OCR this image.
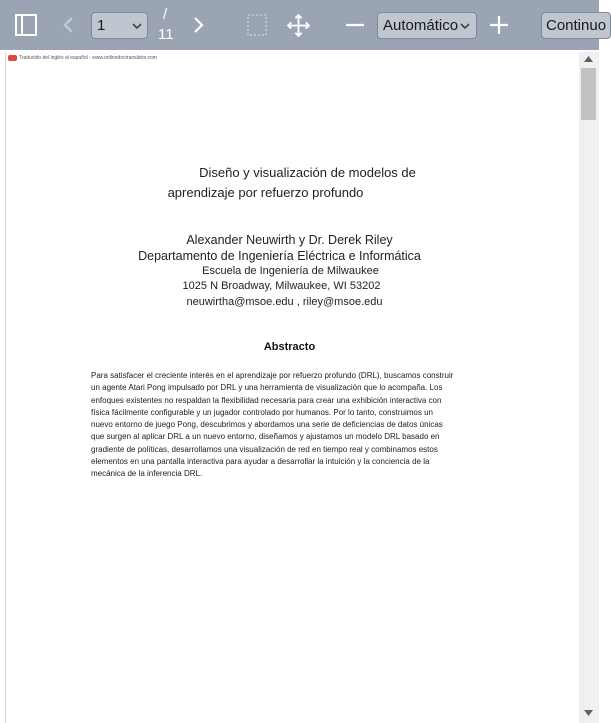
1
/
11
Automático	Continuo
Traducido del inglés al español - www.onlinedoctranslator.com
Diseño y visualización de modelos de
aprendizaje por refuerzo profundo
Alexander Neuwirth y Dr. Derek Riley
Departamento de Ingeniería Eléctrica e Informática
Escuela de Ingeniería de Milwaukee
1025 N Broadway, Milwaukee, WI 53202
neuwirtha@msoe.edu , riley@msoe.edu
Abstracto
Para satisfacer el creciente interés en el aprendizaje por refuerzo profundo (DRL), buscamos construir
un agente Atari Pong impulsado por DRL y una herramienta de visualización que lo acompaña. Los
enfoques existentes no respaldan la flexibilidad necesaria para crear una exhibición interactiva con
física fácilmente configurable y un jugador controlado por humanos. Por lo tanto, construimos un
nuevo entorno de juego Pong, descubrimos y abordamos una serie de deficiencias de datos únicas
que surgen al aplicar DRL a un nuevo entorno, diseñamos y ajustamos un modelo DRL basado en
gradiente de políticas, desarrollamos una visualización de red en tiempo real y combinamos estos
elementos en una pantalla interactiva para ayudar a desarrollar la intuición y la conciencia de la
mecánica de la inferencia DRL.
